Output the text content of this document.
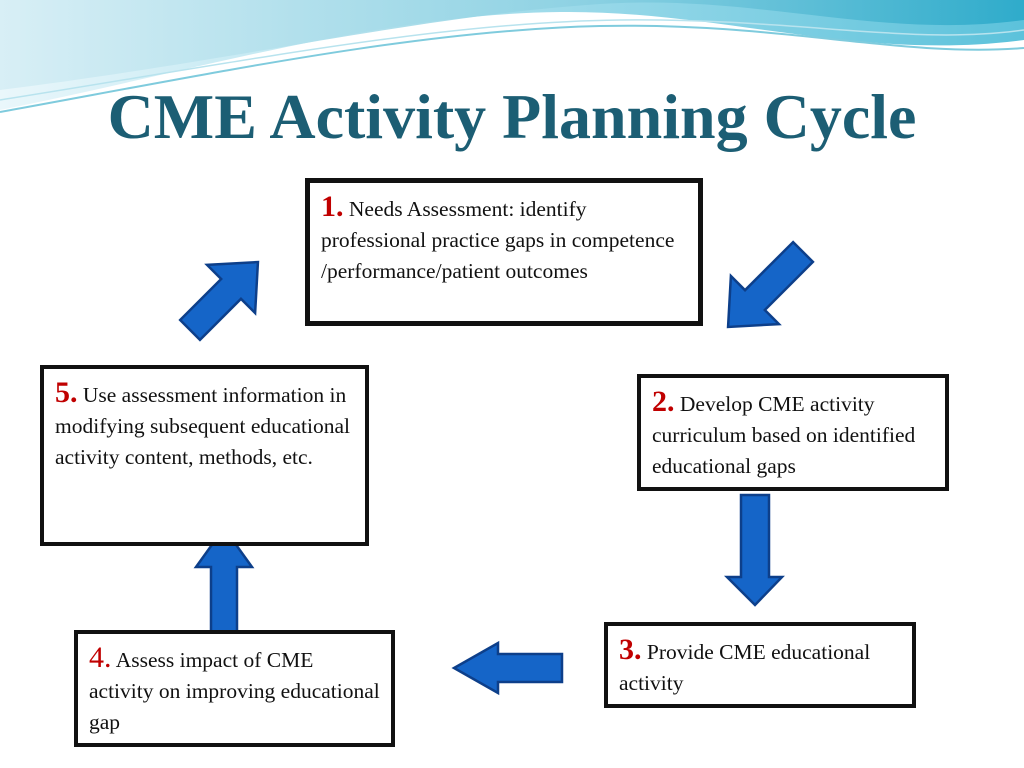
CME Activity Planning Cycle
1. Needs Assessment: identify professional practice gaps in competence /performance/patient outcomes
2. Develop CME activity curriculum based on identified educational gaps
3. Provide CME educational activity
4. Assess impact of CME activity on improving educational gap
5. Use assessment information in modifying subsequent educational activity content, methods, etc.
